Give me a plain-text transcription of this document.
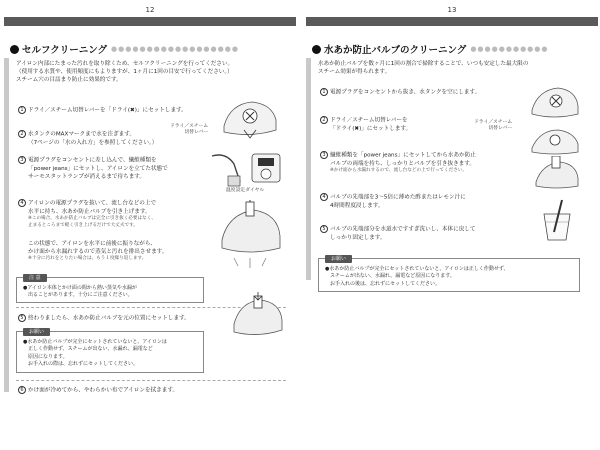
12
セルフクリーニング ●●●●●●●●●●●●●●●●●●
アイロン内部にたまった汚れを取り除くため、セルフクリーニングを行ってください。
（使用する水質や、使用頻度にもよりますが、1ヶ月に1回の目安で行ってください。）
スチーム穴の目詰まり防止に効果的です。
1 ドライ／スチーム切替レバーを「ドライ(✖)」にセットします。
ドライ／スチーム
切替レバー
2 水タンクのMAXマークまで水を注ぎます。
（7ページの「水の入れ方」を参照してください。）
3 電源プラグをコンセントに差し込んで、繊維種類を
「power jeans」にセットし、アイロンを立てた状態で
サーモスタットランプが消えるまで待ちます。
温度設定ダイヤル
4 アイロンの電源プラグを抜いて、流し台などの上で
水平に持ち、水あか防止バルブを引き上げます。
※この場合、水あか防止バルブは完全に引き抜く必要はなく、
止まるところまで軽く引き上げるだけで大丈夫です。
この状態で、アイロンを水平に前後に振りながら、
かけ面から水漏れするので蒸気と汚れを排出させます。
※十分に汚れをとりたい場合は、もう１度繰り返します。
注 意
●アイロン本体とかけ面の間から熱い蒸気や水漏が
出ることがあります。十分にご注意ください。
5 終わりましたら、水あか防止バルブを元の位置にセットします。
お願い
●水あか防止バルブが完全にセットされていないと、アイロンは
正しく作動せず、スチームが出ない、水漏れ、漏電など
原因になります。
お手入れの際は、忘れずにセットしてください。
6 かけ面が冷めてから、やわらかい布でアイロンを拭きます。
13
水あか防止バルブのクリーニング ●●●●●●●●●●●
水あか防止バルブを数ヶ月に1回の割合で掃除することで、いつも安定した最大限の
スチーム効果が得られます。
1 電源プラグをコンセントから抜き、水タンクを空にします。
2 ドライ／スチーム切替レバーを
「ドライ(✖)」にセットします。
ドライ／スチーム
切替レバー
3 繊維種類を「power jeans」にセットしてから水あか防止
バルブの両端を持ち、しっかりとバルブを引き抜きます。
※かけ面から水漏れするので、流し台などの上で行ってください。
4 バルブの先端部を3〜5倍に薄めた酢またはレモン汁に
4時間程度浸します。
5 バルブの先端部分を水道水ですすぎ洗いし、本体に戻して
しっかり固定します。
お願い
●水あか防止バルブが完全にセットされていないと、アイロンは正しく作動せず、
スチームが出ない、水漏れ、漏電など原因になります。
お手入れの後は、忘れずにセットしてください。
